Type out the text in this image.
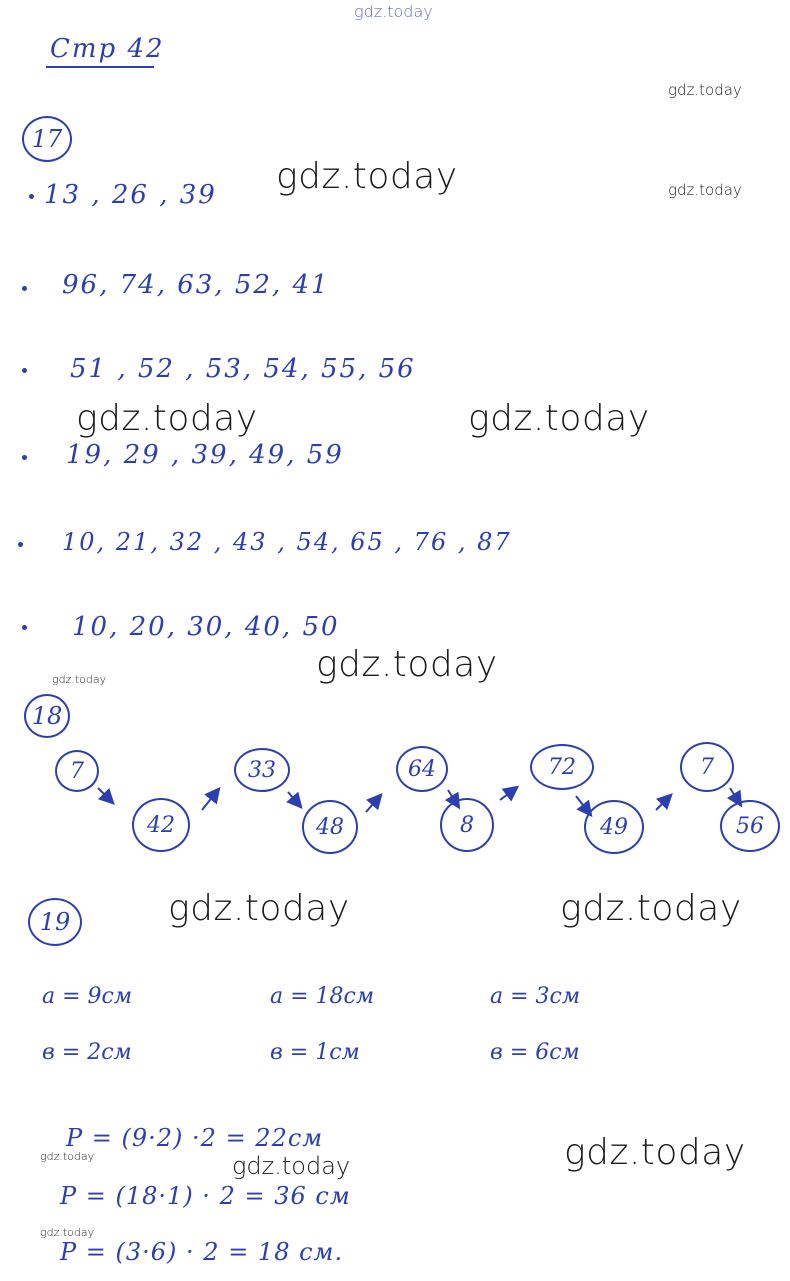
gdz.today
Стр 42
gdz.today
gdz.today
17
13 , 26 , 39
96, 74, 63, 52, 41
51 , 52 , 53, 54, 55, 56
19, 29 , 39, 49, 59
10, 21, 32 , 43 , 54, 65 , 76 , 87
10, 20, 30, 40, 50
gdz.today
gdz.today	gdz.today
gdz.today
gdz.today
18
7
42
33
48
64
8
72
49
7
56
19	gdz.today	gdz.today
a = 9см
в = 2см
a = 18см
в = 1см
a = 3см
в = 6см
P = (9·2) ·2 = 22см
P = (18·1) · 2 = 36 см
P = (3·6) · 2 = 18 см.
gdz.today
gdz.today
gdz.today
gdz.today
